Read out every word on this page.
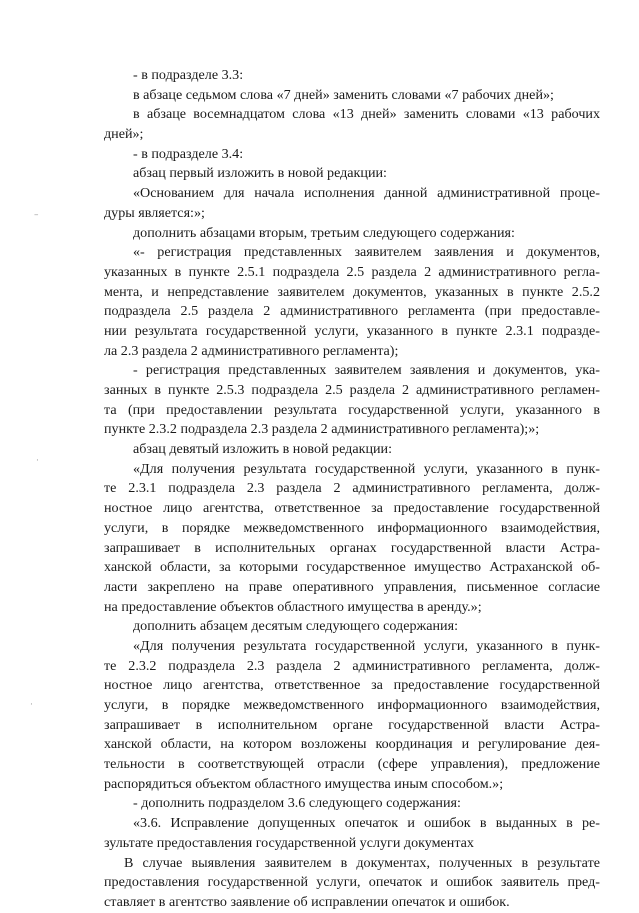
–
·
·
- в подразделе 3.3:
в абзаце седьмом слова «7 дней» заменить словами «7 рабочих дней»;
в абзаце восемнадцатом слова «13 дней» заменить словами «13 рабочих
дней»;
- в подразделе 3.4:
абзац первый изложить в новой редакции:
«Основанием для начала исполнения данной административной проце-
дуры является:»;
дополнить абзацами вторым, третьим следующего содержания:
«- регистрация представленных заявителем заявления и документов,
указанных в пункте 2.5.1 подраздела 2.5 раздела 2 административного регла-
мента, и непредставление заявителем документов, указанных в пункте 2.5.2
подраздела 2.5 раздела 2 административного регламента (при предоставле-
нии результата государственной услуги, указанного в пункте 2.3.1 подразде-
ла 2.3 раздела 2 административного регламента);
- регистрация представленных заявителем заявления и документов, ука-
занных в пункте 2.5.3 подраздела 2.5 раздела 2 административного регламен-
та (при предоставлении результата государственной услуги, указанного в
пункте 2.3.2 подраздела 2.3 раздела 2 административного регламента);»;
абзац девятый изложить в новой редакции:
«Для получения результата государственной услуги, указанного в пунк-
те 2.3.1 подраздела 2.3 раздела 2 административного регламента, долж-
ностное лицо агентства, ответственное за предоставление государственной
услуги, в порядке межведомственного информационного взаимодействия,
запрашивает в исполнительных органах государственной власти Астра-
ханской области, за которыми государственное имущество Астраханской об-
ласти закреплено на праве оперативного управления, письменное согласие
на предоставление объектов областного имущества в аренду.»;
дополнить абзацем десятым следующего содержания:
«Для получения результата государственной услуги, указанного в пунк-
те 2.3.2 подраздела 2.3 раздела 2 административного регламента, долж-
ностное лицо агентства, ответственное за предоставление государственной
услуги, в порядке межведомственного информационного взаимодействия,
запрашивает в исполнительном органе государственной власти Астра-
ханской области, на котором возложены координация и регулирование дея-
тельности в соответствующей отрасли (сфере управления), предложение
распорядиться объектом областного имущества иным способом.»;
- дополнить подразделом 3.6 следующего содержания:
«3.6. Исправление допущенных опечаток и ошибок в выданных в ре-
зультате предоставления государственной услуги документах
В случае выявления заявителем в документах, полученных в результате
предоставления государственной услуги, опечаток и ошибок заявитель пред-
ставляет в агентство заявление об исправлении опечаток и ошибок.
